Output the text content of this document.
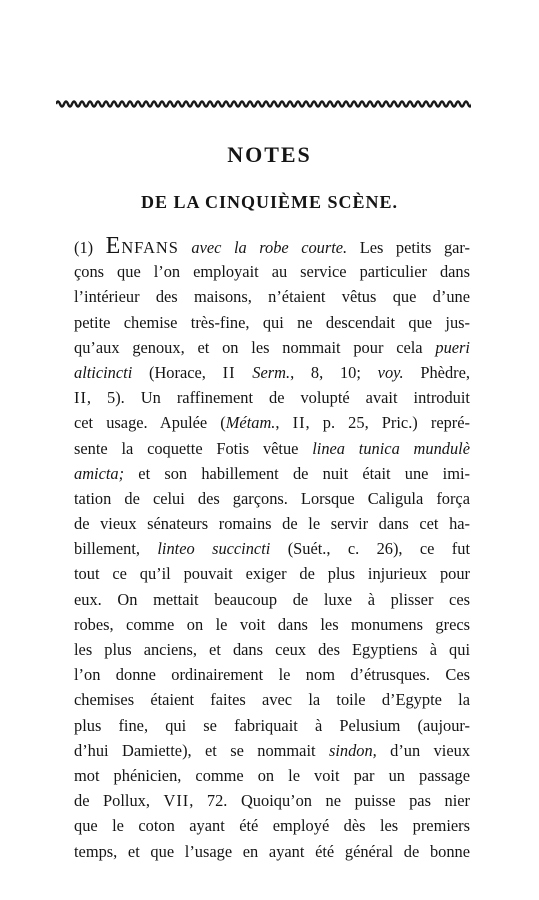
NOTES
DE LA CINQUIÈME SCÈNE.
(1) ENFANS avec la robe courte. Les petits gar-
çons que l’on employait au service particulier dans
l’intérieur des maisons, n’étaient vêtus que d’une
petite chemise très-fine, qui ne descendait que jus-
qu’aux genoux, et on les nommait pour cela pueri
alticincti (Horace, II Serm., 8, 10; voy. Phèdre,
II, 5). Un raffinement de volupté avait introduit
cet usage. Apulée (Métam., II, p. 25, Pric.) repré-
sente la coquette Fotis vêtue linea tunica mundulè
amicta; et son habillement de nuit était une imi-
tation de celui des garçons. Lorsque Caligula força
de vieux sénateurs romains de le servir dans cet ha-
billement, linteo succincti (Suét., c. 26), ce fut
tout ce qu’il pouvait exiger de plus injurieux pour
eux. On mettait beaucoup de luxe à plisser ces
robes, comme on le voit dans les monumens grecs
les plus anciens, et dans ceux des Egyptiens à qui
l’on donne ordinairement le nom d’étrusques. Ces
chemises étaient faites avec la toile d’Egypte la
plus fine, qui se fabriquait à Pelusium (aujour-
d’hui Damiette), et se nommait sindon, d’un vieux
mot phénicien, comme on le voit par un passage
de Pollux, VII, 72. Quoiqu’on ne puisse pas nier
que le coton ayant été employé dès les premiers
temps, et que l’usage en ayant été général de bonne
